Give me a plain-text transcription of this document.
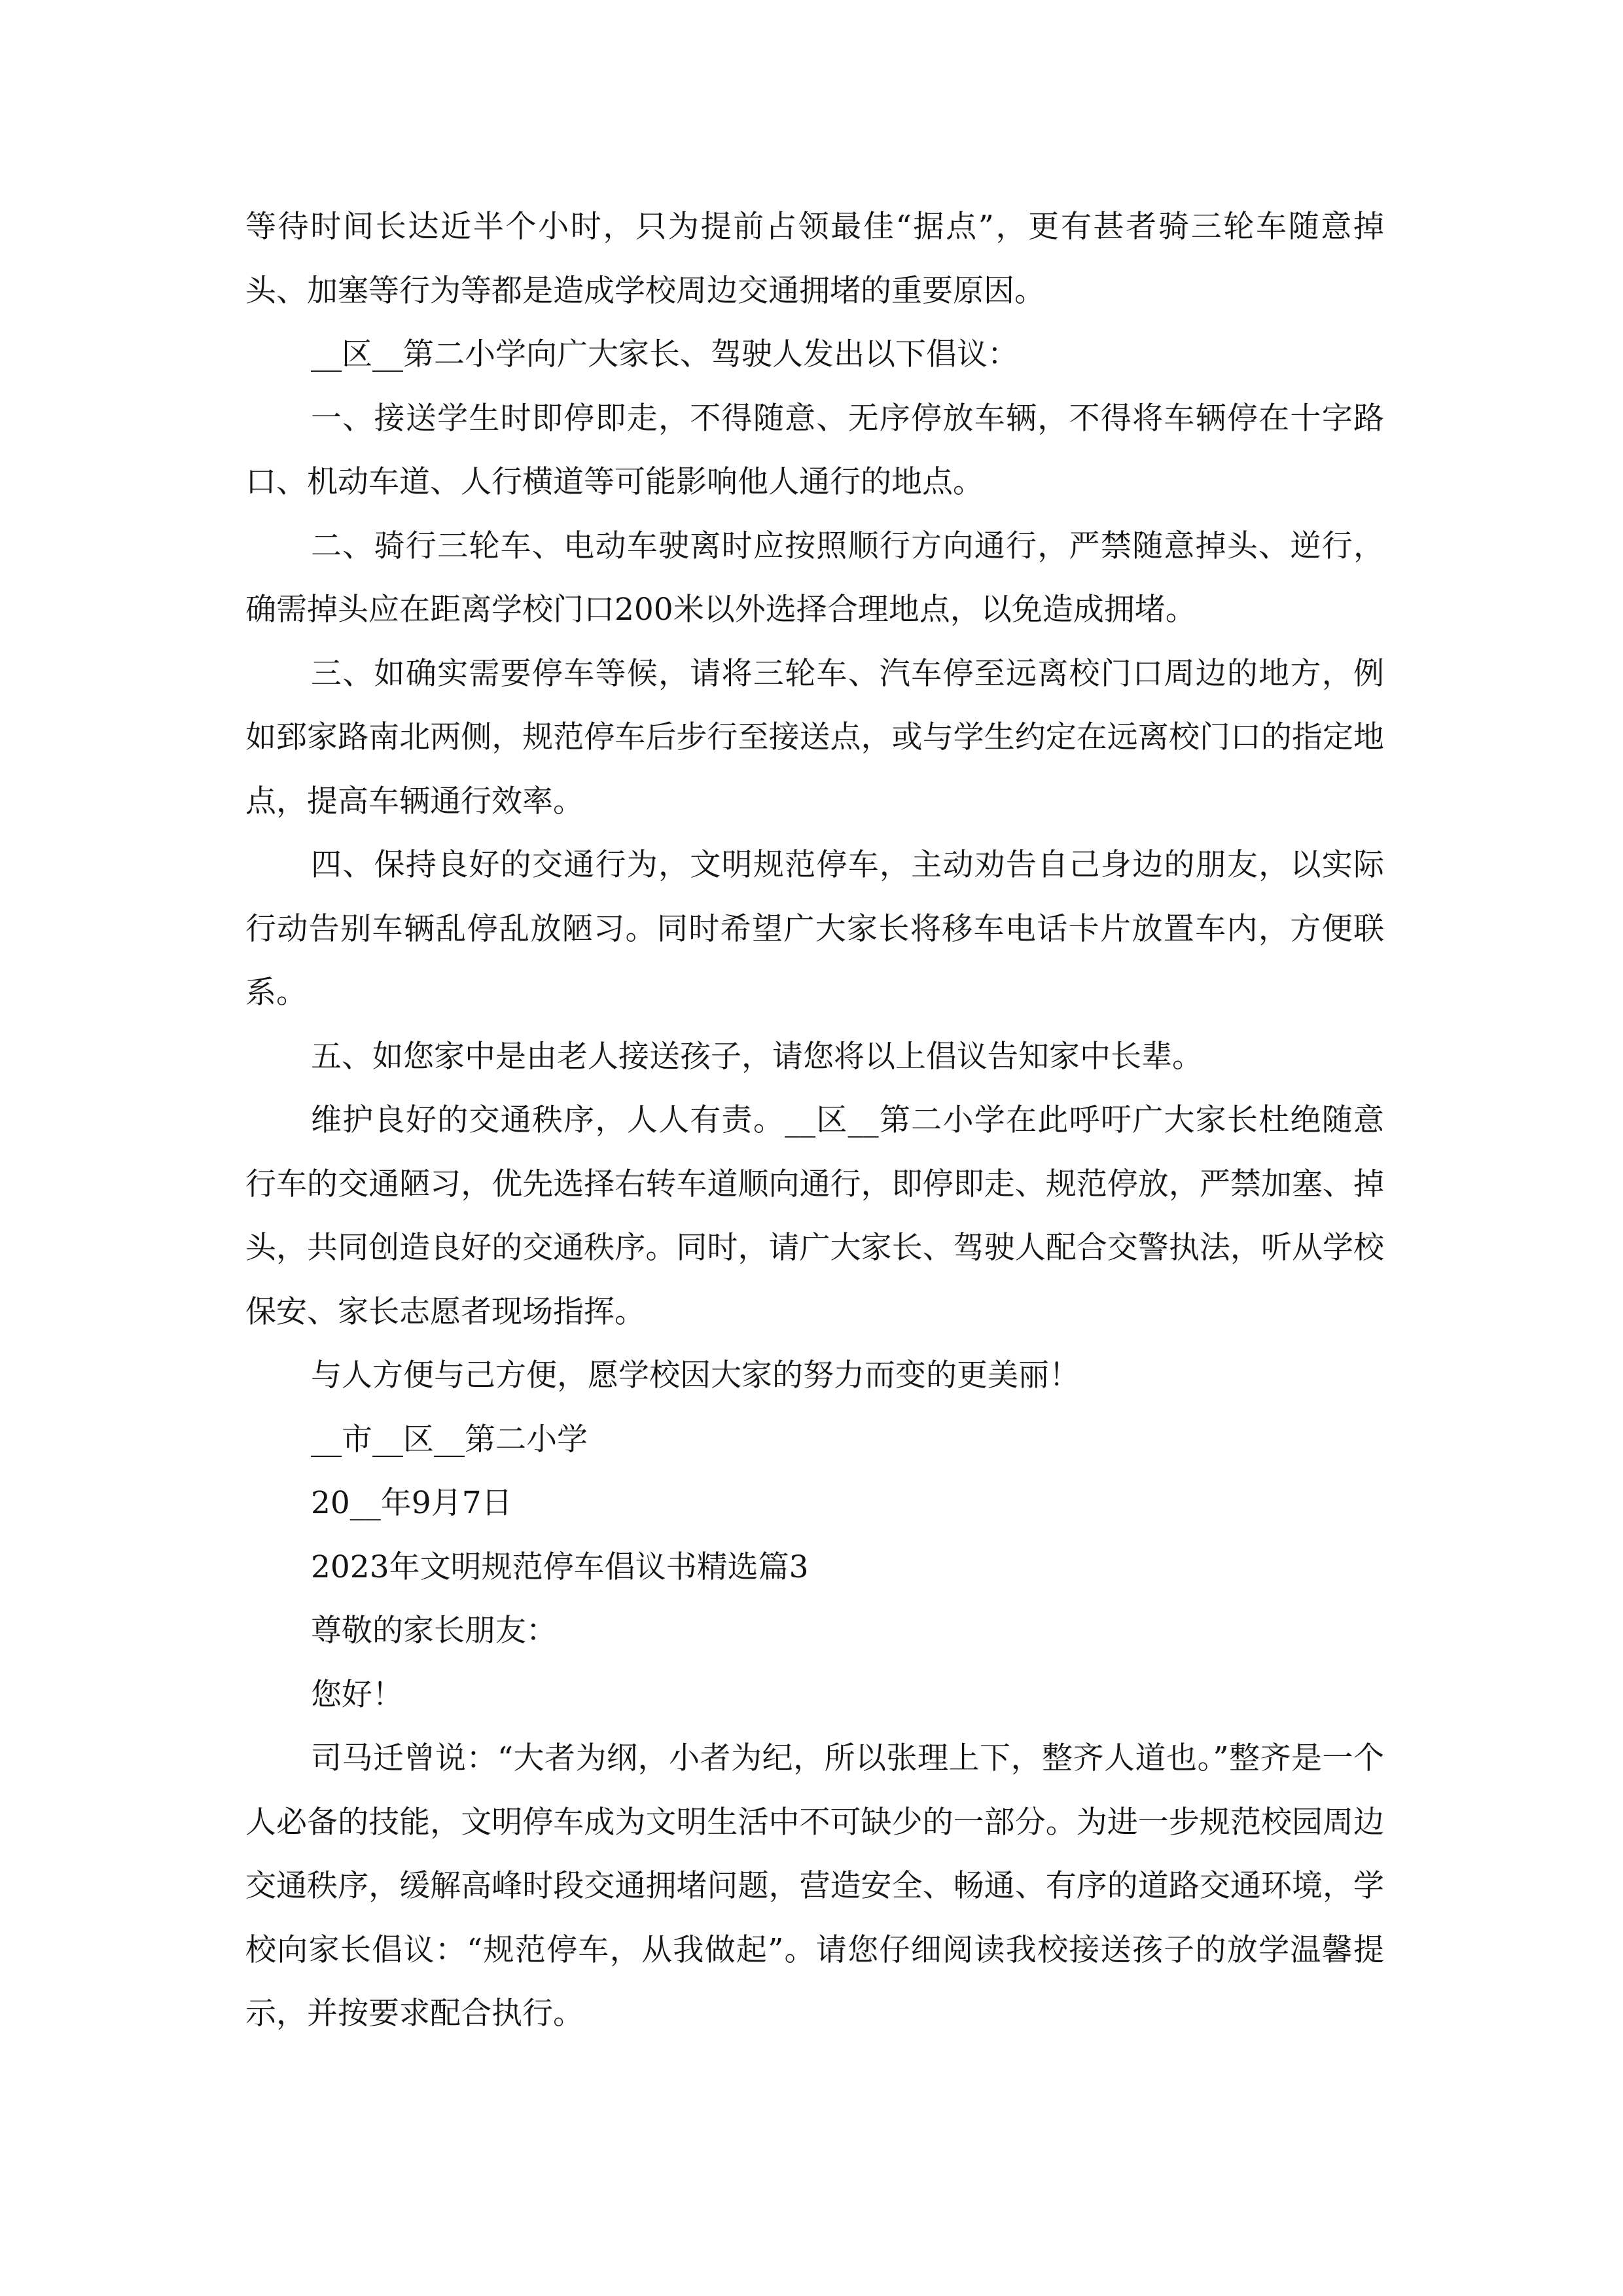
等待时间长达近半个小时，只为提前占领最佳“据点”，更有甚者骑三轮车随意掉头、加塞等行为等都是造成学校周边交通拥堵的重要原因。

__区__第二小学向广大家长、驾驶人发出以下倡议：

一、接送学生时即停即走，不得随意、无序停放车辆，不得将车辆停在十字路口、机动车道、人行横道等可能影响他人通行的地点。

二、骑行三轮车、电动车驶离时应按照顺行方向通行，严禁随意掉头、逆行，确需掉头应在距离学校门口200米以外选择合理地点，以免造成拥堵。

三、如确实需要停车等候，请将三轮车、汽车停至远离校门口周边的地方，例如郅家路南北两侧，规范停车后步行至接送点，或与学生约定在远离校门口的指定地点，提高车辆通行效率。

四、保持良好的交通行为，文明规范停车，主动劝告自己身边的朋友，以实际行动告别车辆乱停乱放陋习。同时希望广大家长将移车电话卡片放置车内，方便联系。

五、如您家中是由老人接送孩子，请您将以上倡议告知家中长辈。

维护良好的交通秩序，人人有责。__区__第二小学在此呼吁广大家长杜绝随意行车的交通陋习，优先选择右转车道顺向通行，即停即走、规范停放，严禁加塞、掉头，共同创造良好的交通秩序。同时，请广大家长、驾驶人配合交警执法，听从学校保安、家长志愿者现场指挥。

与人方便与己方便，愿学校因大家的努力而变的更美丽！

__市__区__第二小学

20__年9月7日

2023年文明规范停车倡议书精选篇3

尊敬的家长朋友：

您好！

司马迁曾说：“大者为纲，小者为纪，所以张理上下，整齐人道也。”整齐是一个人必备的技能，文明停车成为文明生活中不可缺少的一部分。为进一步规范校园周边交通秩序，缓解高峰时段交通拥堵问题，营造安全、畅通、有序的道路交通环境，学校向家长倡议：“规范停车，从我做起”。请您仔细阅读我校接送孩子的放学温馨提示，并按要求配合执行。
